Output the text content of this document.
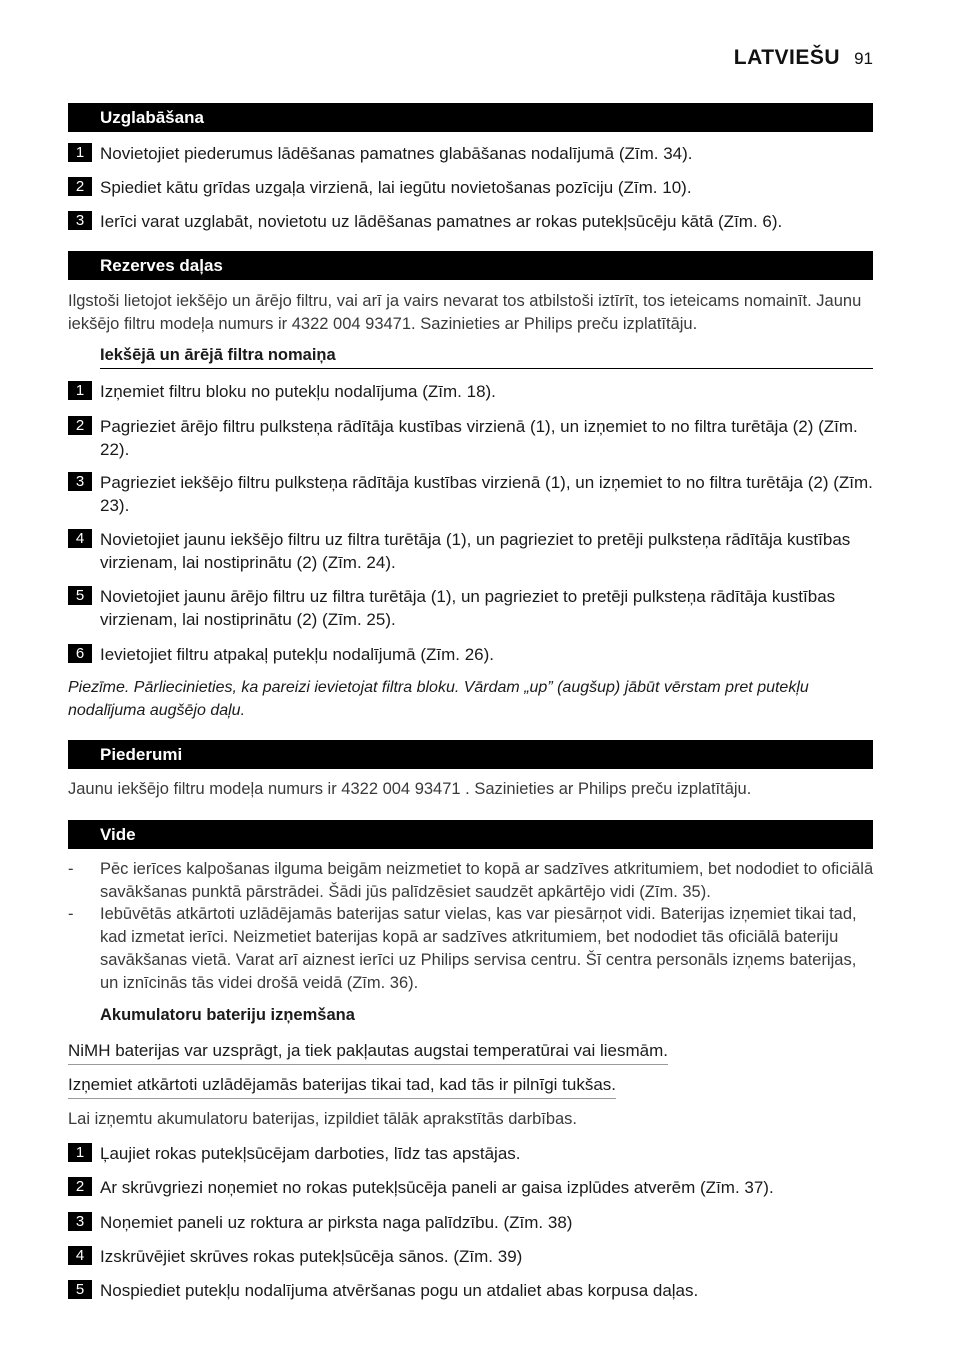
LATVIEŠU 91
Uzglabāšana
1 Novietojiet piederumus lādēšanas pamatnes glabāšanas nodalījumā (Zīm. 34).
2 Spiediet kātu grīdas uzgaļa virzienā, lai iegūtu novietošanas pozīciju (Zīm. 10).
3 Ierīci varat uzglabāt, novietotu uz lādēšanas pamatnes ar rokas putekļsūcēju kātā (Zīm. 6).
Rezerves daļas
Ilgstoši lietojot iekšējo un ārējo filtru, vai arī ja vairs nevarat tos atbilstoši iztīrīt, tos ieteicams nomainīt. Jaunu iekšējo filtru modeļa numurs ir 4322 004 93471. Sazinieties ar Philips preču izplatītāju.
Iekšējā un ārējā filtra nomaiņa
1 Izņemiet filtru bloku no putekļu nodalījuma (Zīm. 18).
2 Pagrieziet ārējo filtru pulksteņa rādītāja kustības virzienā (1), un izņemiet to no filtra turētāja (2) (Zīm. 22).
3 Pagrieziet iekšējo filtru pulksteņa rādītāja kustības virzienā (1), un izņemiet to no filtra turētāja (2) (Zīm. 23).
4 Novietojiet jaunu iekšējo filtru uz filtra turētāja (1), un pagrieziet to pretēji pulksteņa rādītāja kustības virzienam, lai nostiprinātu (2) (Zīm. 24).
5 Novietojiet jaunu ārējo filtru uz filtra turētāja (1), un pagrieziet to pretēji pulksteņa rādītāja kustības virzienam, lai nostiprinātu (2) (Zīm. 25).
6 Ievietojiet filtru atpakaļ putekļu nodalījumā (Zīm. 26).
Piezīme. Pārliecinieties, ka pareizi ievietojat filtra bloku. Vārdam „up” (augšup) jābūt vērstam pret putekļu nodalījuma augšējo daļu.
Piederumi
Jaunu iekšējo filtru modeļa numurs ir 4322 004 93471 . Sazinieties ar Philips preču izplatītāju.
Vide
- Pēc ierīces kalpošanas ilguma beigām neizmetiet to kopā ar sadzīves atkritumiem, bet nododiet to oficiālā savākšanas punktā pārstrādei. Šādi jūs palīdzēsiet saudzēt apkārtējo vidi (Zīm. 35).
- Iebūvētās atkārtoti uzlādējamās baterijas satur vielas, kas var piesārņot vidi. Baterijas izņemiet tikai tad, kad izmetat ierīci. Neizmetiet baterijas kopā ar sadzīves atkritumiem, bet nododiet tās oficiālā bateriju savākšanas vietā. Varat arī aiznest ierīci uz Philips servisa centru. Šī centra personāls izņems baterijas, un iznīcinās tās videi drošā veidā (Zīm. 36).
Akumulatoru bateriju izņemšana
NiMH baterijas var uzsprāgt, ja tiek pakļautas augstai temperatūrai vai liesmām.
Izņemiet atkārtoti uzlādējamās baterijas tikai tad, kad tās ir pilnīgi tukšas.
Lai izņemtu akumulatoru baterijas, izpildiet tālāk aprakstītās darbības.
1 Ļaujiet rokas putekļsūcējam darboties, līdz tas apstājas.
2 Ar skrūvgriezi noņemiet no rokas putekļsūcēja paneli ar gaisa izplūdes atverēm (Zīm. 37).
3 Noņemiet paneli uz roktura ar pirksta naga palīdzību. (Zīm. 38)
4 Izskrūvējiet skrūves rokas putekļsūcēja sānos. (Zīm. 39)
5 Nospiediet putekļu nodalījuma atvēršanas pogu un atdaliet abas korpusa daļas.
